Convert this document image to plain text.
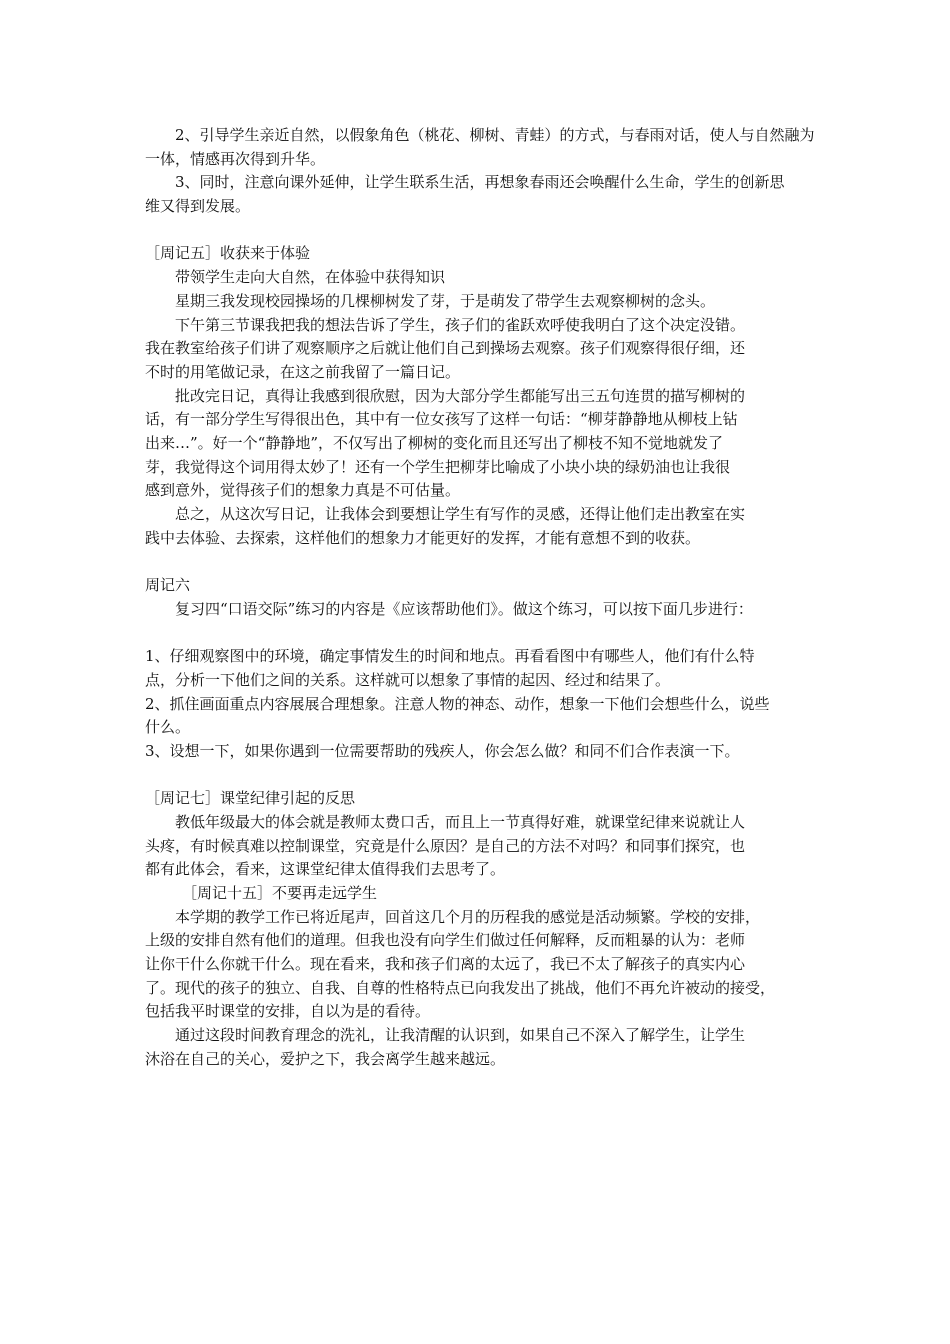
2、引导学生亲近自然，以假象角色（桃花、柳树、青蛙）的方式，与春雨对话，使人与自然融为
一体，情感再次得到升华。
3、同时，注意向课外延伸，让学生联系生活，再想象春雨还会唤醒什么生命，学生的创新思
维又得到发展。
［周记五］收获来于体验
带领学生走向大自然，在体验中获得知识
星期三我发现校园操场的几棵柳树发了芽，于是萌发了带学生去观察柳树的念头。
下午第三节课我把我的想法告诉了学生，孩子们的雀跃欢呼使我明白了这个决定没错。
我在教室给孩子们讲了观察顺序之后就让他们自己到操场去观察。孩子们观察得很仔细，还
不时的用笔做记录，在这之前我留了一篇日记。
批改完日记，真得让我感到很欣慰，因为大部分学生都能写出三五句连贯的描写柳树的
话，有一部分学生写得很出色，其中有一位女孩写了这样一句话：“柳芽静静地从柳枝上钻
出来…”。好一个“静静地”，不仅写出了柳树的变化而且还写出了柳枝不知不觉地就发了
芽，我觉得这个词用得太妙了！还有一个学生把柳芽比喻成了小块小块的绿奶油也让我很
感到意外，觉得孩子们的想象力真是不可估量。
总之，从这次写日记，让我体会到要想让学生有写作的灵感，还得让他们走出教室在实
践中去体验、去探索，这样他们的想象力才能更好的发挥，才能有意想不到的收获。
周记六
复习四“口语交际”练习的内容是《应该帮助他们》。做这个练习，可以按下面几步进行：
1、仔细观察图中的环境，确定事情发生的时间和地点。再看看图中有哪些人，他们有什么特
点，分析一下他们之间的关系。这样就可以想象了事情的起因、经过和结果了。
2、抓住画面重点内容展展合理想象。注意人物的神态、动作，想象一下他们会想些什么，说些
什么。
3、设想一下，如果你遇到一位需要帮助的残疾人，你会怎么做？和同不们合作表演一下。
［周记七］课堂纪律引起的反思
教低年级最大的体会就是教师太费口舌，而且上一节真得好难，就课堂纪律来说就让人
头疼，有时候真难以控制课堂，究竟是什么原因？是自己的方法不对吗？和同事们探究，也
都有此体会，看来，这课堂纪律太值得我们去思考了。
［周记十五］不要再走远学生
本学期的教学工作已将近尾声，回首这几个月的历程我的感觉是活动频繁。学校的安排，
上级的安排自然有他们的道理。但我也没有向学生们做过任何解释，反而粗暴的认为：老师
让你干什么你就干什么。现在看来，我和孩子们离的太远了，我已不太了解孩子的真实内心
了。现代的孩子的独立、自我、自尊的性格特点已向我发出了挑战，他们不再允许被动的接受，
包括我平时课堂的安排，自以为是的看待。
通过这段时间教育理念的洗礼，让我清醒的认识到，如果自己不深入了解学生，让学生
沐浴在自己的关心，爱护之下，我会离学生越来越远。
